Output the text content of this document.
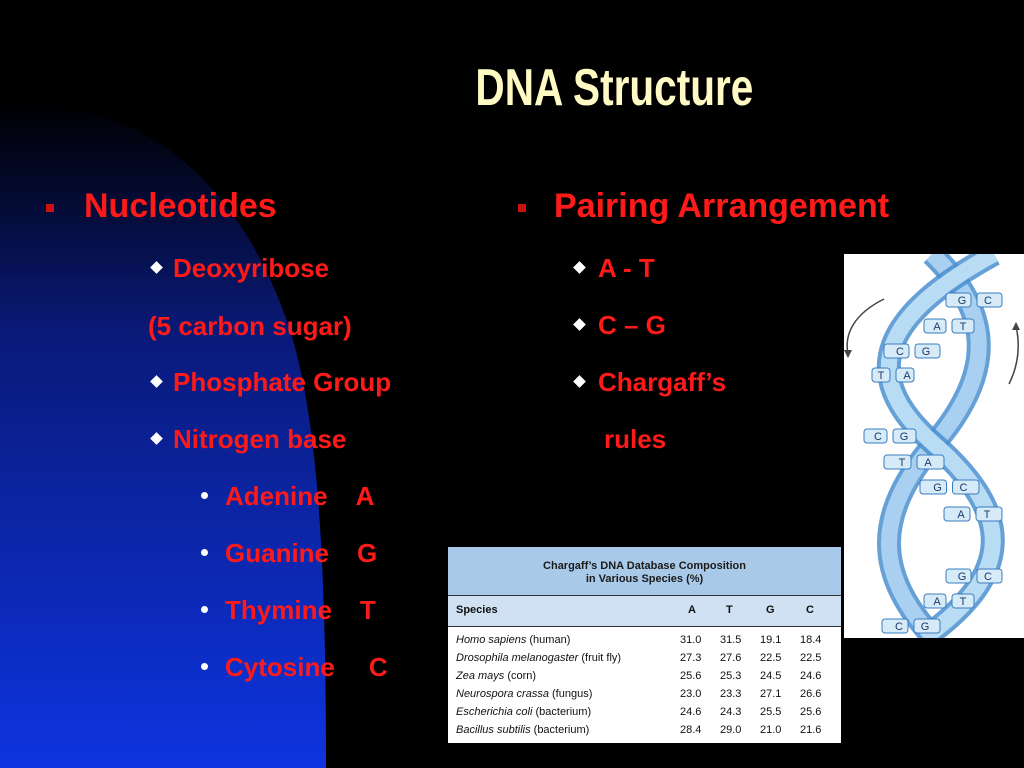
DNA Structure
Nucleotides
Deoxyribose
(5 carbon sugar)
Phosphate Group
Nitrogen base
Adenine A
Guanine G
Thymine T
Cytosine C
Pairing Arrangement
A - T
C – G
Chargaff’s
rules
Chargaff’s DNA Database Composition
in Various Species (%)
Species	A	T	G	C
Homo sapiens (human)	31.0 31.5 19.1 18.4
Drosophila melanogaster (fruit fly)	27.3 27.6 22.5 22.5
Zea mays (corn)	25.6 25.3 24.5 24.6
Neurospora crassa (fungus)	23.0 23.3 27.1 26.6
Escherichia coli (bacterium)	24.6 24.3 25.5 25.6
Bacillus subtilis (bacterium)	28.4 29.0 21.0 21.6
G C
A T
C G
T A
C G
T A
G C
A T
G C
A T
C G
